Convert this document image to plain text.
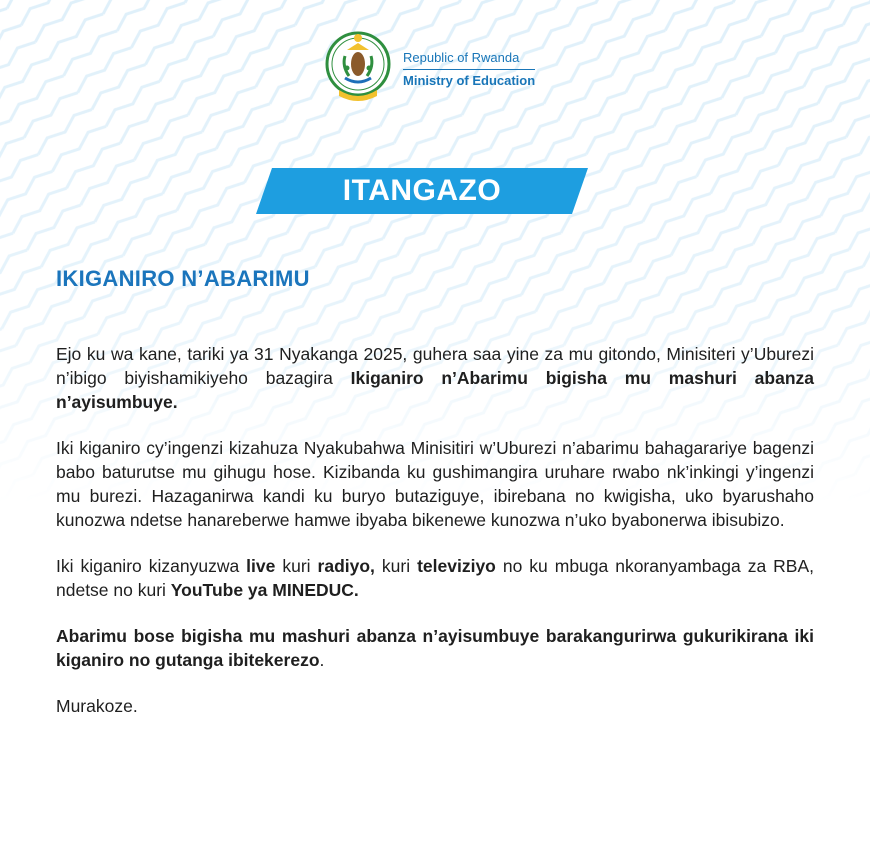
Republic of Rwanda
Ministry of Education
ITANGAZO
IKIGANIRO N’ABARIMU

Ejo ku wa kane, tariki ya 31 Nyakanga 2025, guhera saa yine za mu gitondo, Minisiteri y’Uburezi n’ibigo biyishamikiyeho bazagira Ikiganiro n’Abarimu bigisha mu mashuri abanza n’ayisumbuye.

Iki kiganiro cy’ingenzi kizahuza Nyakubahwa Minisitiri w’Uburezi n’abarimu bahagarariye bagenzi babo baturutse mu gihugu hose. Kizibanda ku gushimangira uruhare rwabo nk’inkingi y’ingenzi mu burezi. Hazaganirwa kandi ku buryo butaziguye, ibirebana no kwigisha, uko byarushaho kunozwa ndetse hanareberwe hamwe ibyaba bikenewe kunozwa n’uko byabonerwa ibisubizo.

Iki kiganiro kizanyuzwa live kuri radiyo, kuri televiziyo no ku mbuga nkoranyambaga za RBA, ndetse no kuri YouTube ya MINEDUC.

Abarimu bose bigisha mu mashuri abanza n’ayisumbuye barakangurirwa gukurikirana iki kiganiro no gutanga ibitekerezo.

Murakoze.
